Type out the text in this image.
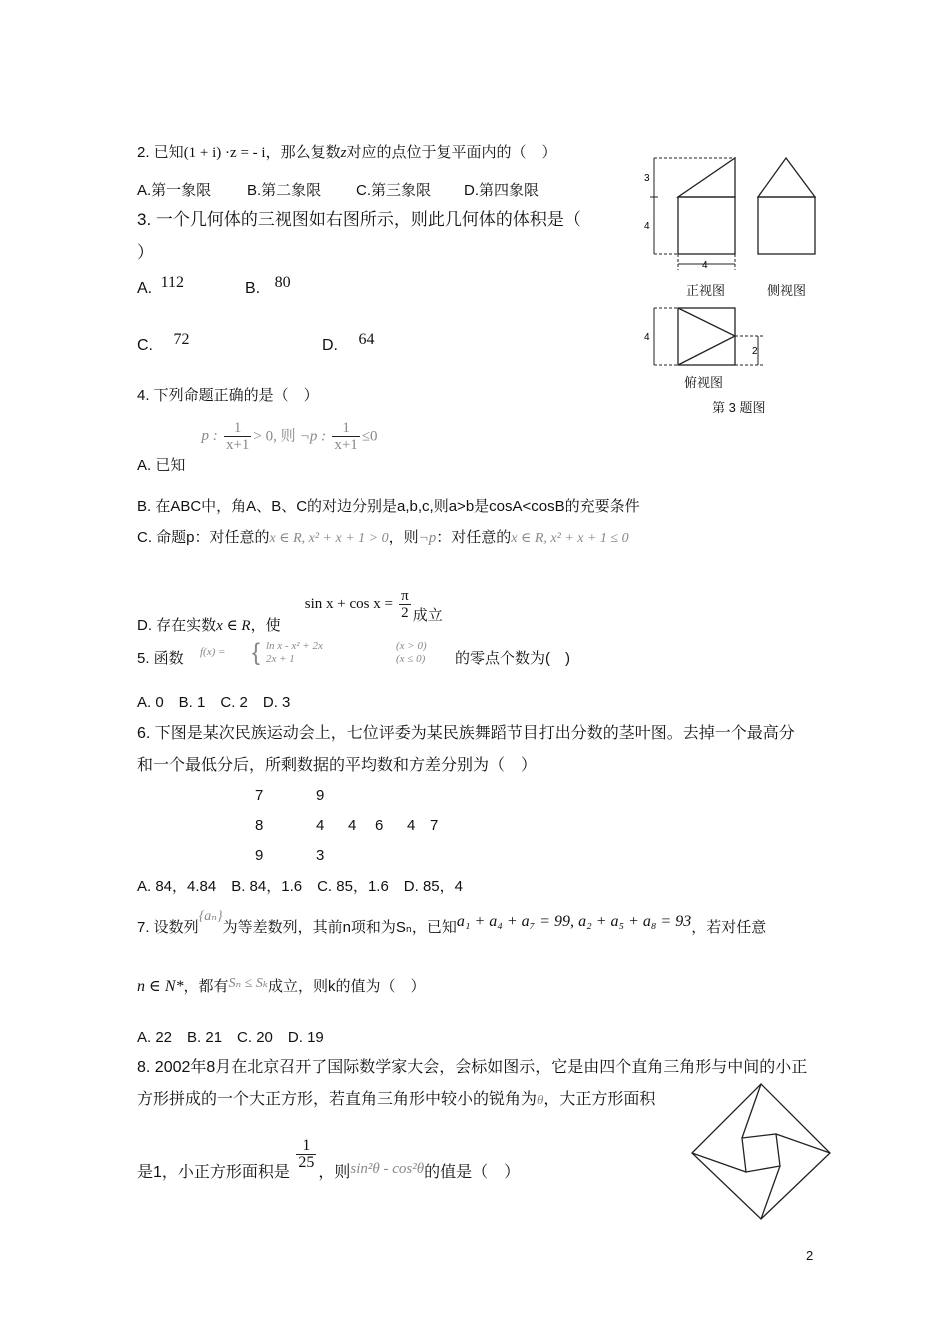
2. 已知(1 + i) ·z = - i，那么复数z对应的点位于复平面内的（　）
A.第一象限 B.第二象限 C.第三象限 D.第四象限
3. 一个几何体的三视图如右图所示，则此几何体的体积是（
）
A. 112	B. 80
C. 72	D. 64
3
4
4
4
2
正视图	侧视图
俯视图
第 3 题图
4. 下列命题正确的是（　）
A. 已知 p : $\frac{1}{x+1} > 0$, 则 ¬p : $\frac{1}{x+1} \le 0$
B. 在ABC中，角A、B、C的对边分别是a,b,c,则a>b是cosA<cosB的充要条件
C. 命题p：对任意的x ∈ R, x² + x + 1 > 0，则¬p：对任意的x ∈ R, x² + x + 1 ≤ 0
D. 存在实数x ∈ R，使 $\sin x + \cos x = \frac{\pi}{2}$ 成立
5. 函数 f(x) = { ln x - x² + 2x
2x + 1
(x > 0)
(x ≤ 0) 的零点个数为(　)
A. 0　B. 1　C. 2　D. 3
6. 下图是某次民族运动会上，七位评委为某民族舞蹈节目打出分数的茎叶图。去掉一个最高分
和一个最低分后，所剩数据的平均数和方差分别为（　）
7	9
8	4 4 6 4 7
9	3
A. 84，4.84　B. 84，1.6　C. 85，1.6　D. 85，4
7. 设数列{aₙ}为等差数列，其前n项和为Sₙ，已知a₁ + a₄ + a₇ = 99, a₂ + a₅ + a₈ = 93，若对任意
n ∈ N*，都有Sₙ ≤ Sₖ成立，则k的值为（　）
A. 22　B. 21　C. 20　D. 19
8. 2002年8月在北京召开了国际数学家大会，会标如图示，它是由四个直角三角形与中间的小正
方形拼成的一个大正方形，若直角三角形中较小的锐角为θ，大正方形面积
是1，小正方形面积是
$\frac{1}{25}$
，则sin²θ - cos²θ的值是（　）
2
